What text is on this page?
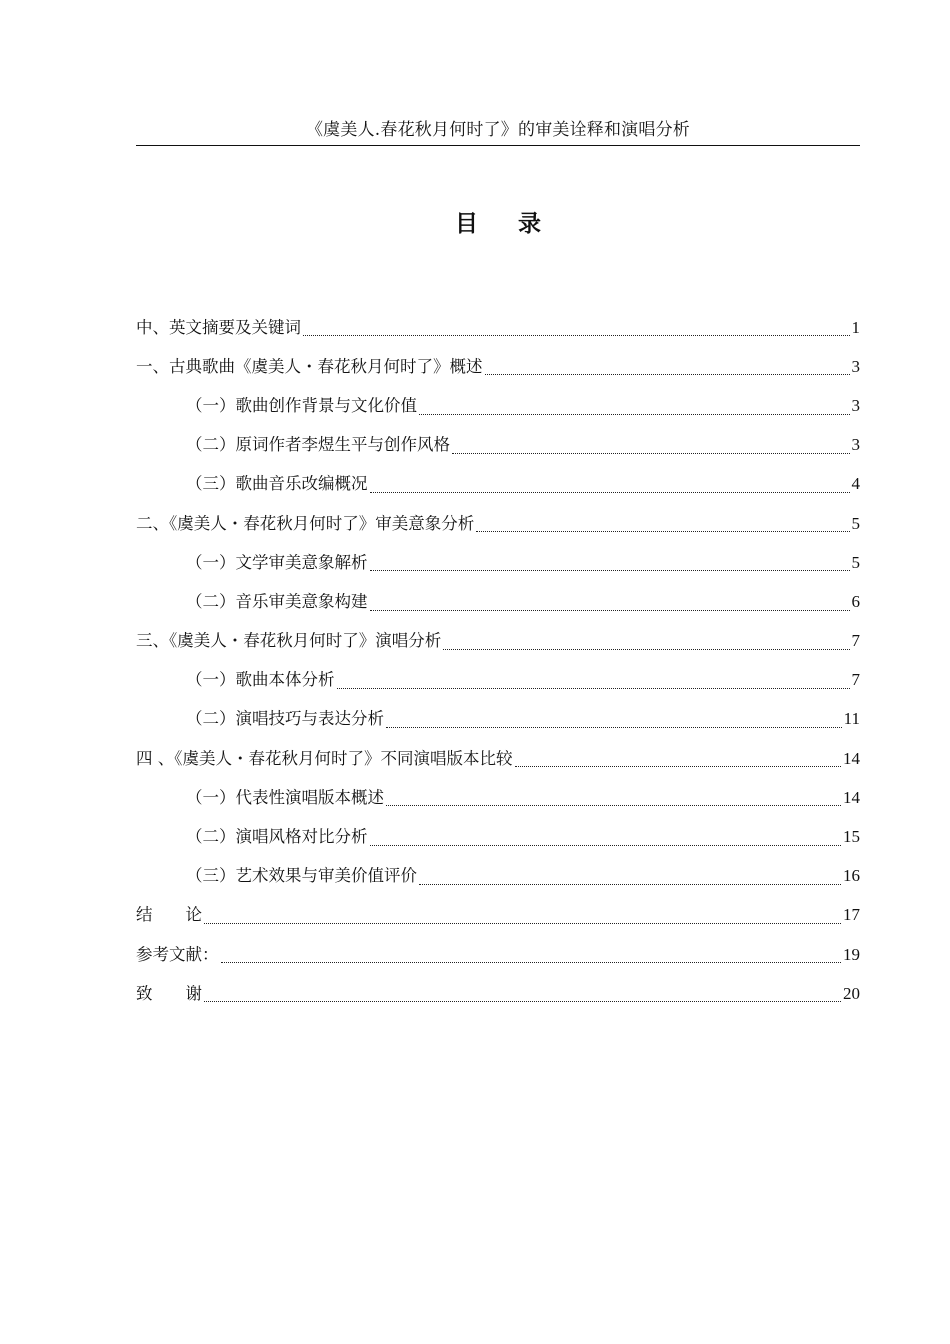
《虞美人.春花秋月何时了》的审美诠释和演唱分析
目录
中、英文摘要及关键词	1
一、古典歌曲《虞美人・春花秋月何时了》概述	3
（一）歌曲创作背景与文化价值	3
（二）原词作者李煜生平与创作风格	3
（三）歌曲音乐改编概况	4
二、《虞美人・春花秋月何时了》审美意象分析	5
（一）文学审美意象解析	5
（二）音乐审美意象构建	6
三、《虞美人・春花秋月何时了》演唱分析	7
（一）歌曲本体分析	7
（二）演唱技巧与表达分析	11
四 、《虞美人・春花秋月何时了》不同演唱版本比较	14
（一）代表性演唱版本概述	14
（二）演唱风格对比分析	15
（三）艺术效果与审美价值评价	16
结　　论	17
参考文献：	19
致　　谢	20
